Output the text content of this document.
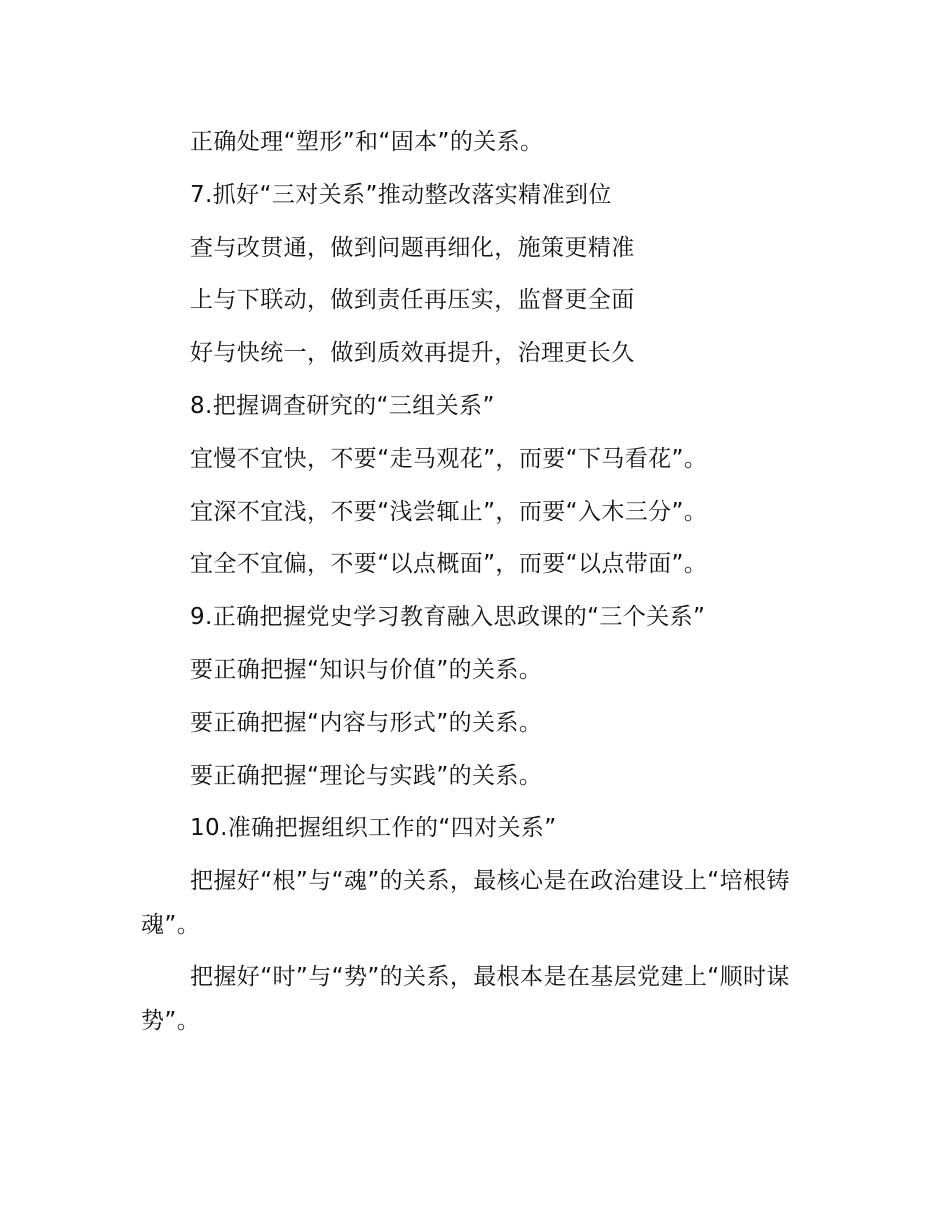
正确处理“塑形”和“固本”的关系。

7.抓好“三对关系”推动整改落实精准到位

查与改贯通，做到问题再细化，施策更精准

上与下联动，做到责任再压实，监督更全面

好与快统一，做到质效再提升，治理更长久

8.把握调查研究的“三组关系”

宜慢不宜快，不要“走马观花”，而要“下马看花”。

宜深不宜浅，不要“浅尝辄止”，而要“入木三分”。

宜全不宜偏，不要“以点概面”，而要“以点带面”。

9.正确把握党史学习教育融入思政课的“三个关系”

要正确把握“知识与价值”的关系。

要正确把握“内容与形式”的关系。

要正确把握“理论与实践”的关系。

10.准确把握组织工作的“四对关系”

把握好“根”与“魂”的关系，最核心是在政治建设上“培根铸魂”。

把握好“时”与“势”的关系，最根本是在基层党建上“顺时谋势”。
